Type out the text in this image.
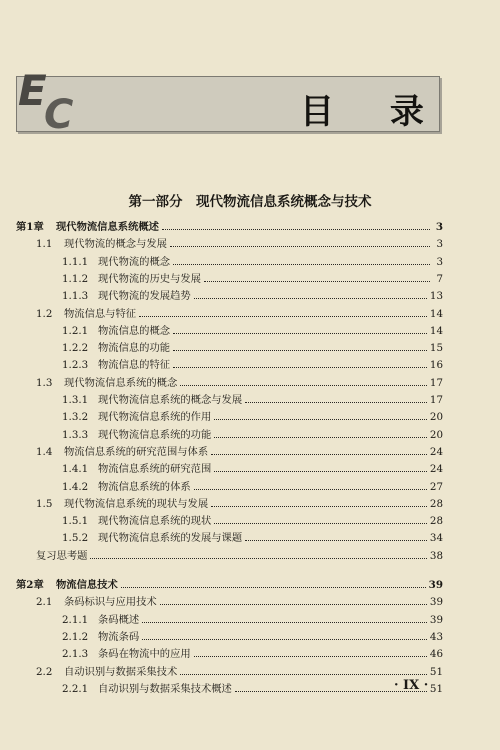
E
C	目 录
第一部分　现代物流信息系统概念与技术
第1章	现代物流信息系统概述	3
1.1	现代物流的概念与发展	3
1.1.1 现代物流的概念	3
1.1.2 现代物流的历史与发展	7
1.1.3 现代物流的发展趋势	13
1.2	物流信息与特征	14
1.2.1 物流信息的概念	14
1.2.2 物流信息的功能	15
1.2.3 物流信息的特征	16
1.3	现代物流信息系统的概念	17
1.3.1 现代物流信息系统的概念与发展	17
1.3.2 现代物流信息系统的作用	20
1.3.3 现代物流信息系统的功能	20
1.4	物流信息系统的研究范围与体系	24
1.4.1 物流信息系统的研究范围	24
1.4.2 物流信息系统的体系	27
1.5	现代物流信息系统的现状与发展	28
1.5.1 现代物流信息系统的现状	28
1.5.2 现代物流信息系统的发展与课题	34
复习思考题	38
第2章	物流信息技术	39
2.1	条码标识与应用技术	39
2.1.1 条码概述	39
2.1.2 物流条码	43
2.1.3 条码在物流中的应用	46
2.2	自动识别与数据采集技术	51
2.2.1 自动识别与数据采集技术概述	51
· IX ·
